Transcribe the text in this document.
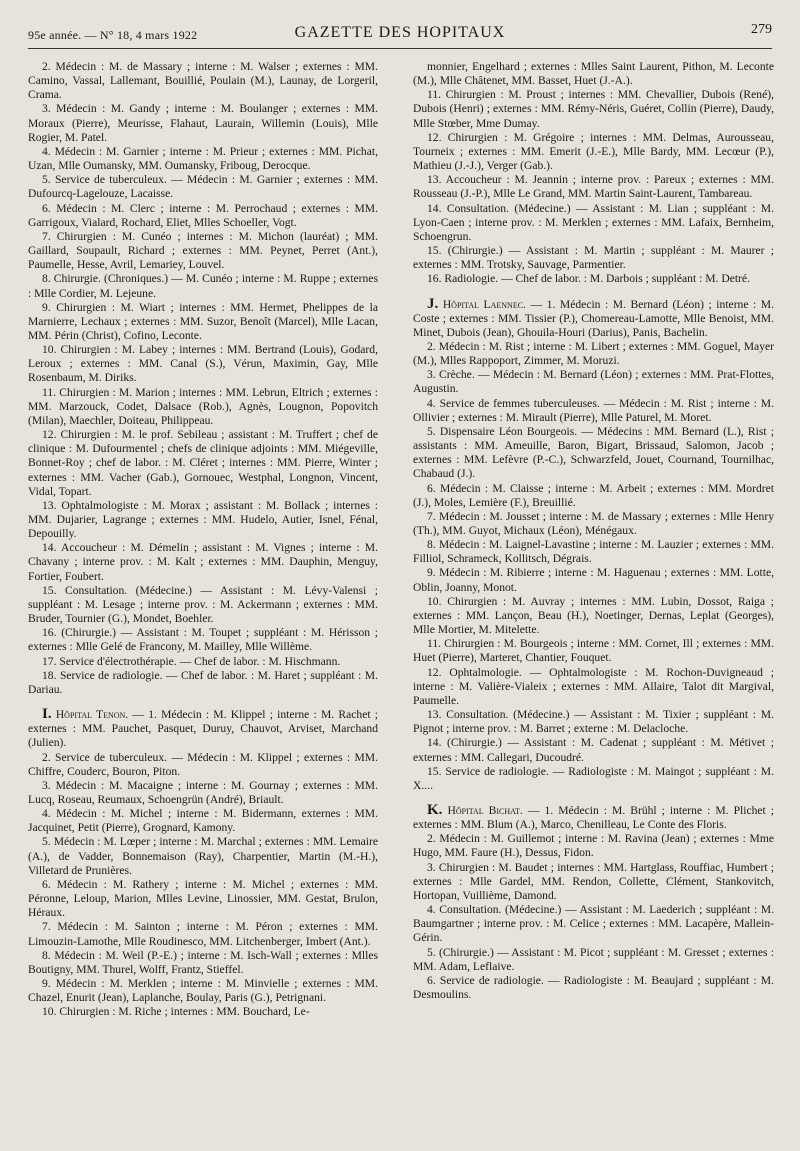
95e année. — N° 18, 4 mars 1922	GAZETTE DES HOPITAUX	279

2. Médecin : M. de Massary ; interne : M. Walser ; externes : MM. Camino, Vassal, Lallemant, Bouillié, Poulain (M.), Launay, de Lorgeril, Crama.

3. Médecin : M. Gandy ; interne : M. Boulanger ; externes : MM. Moraux (Pierre), Meurisse, Flahaut, Laurain, Willemin (Louis), Mlle Rogier, M. Patel.

4. Médecin : M. Garnier ; interne : M. Prieur ; externes : MM. Pichat, Uzan, Mlle Oumansky, MM. Oumansky, Friboug, Derocque.

5. Service de tuberculeux. — Médecin : M. Garnier ; externes : MM. Dufourcq-Lagelouze, Lacaisse.

6. Médecin : M. Clerc ; interne : M. Perrochaud ; externes : MM. Garrigoux, Vialard, Rochard, Eliet, Mlles Schoeller, Vogt.

7. Chirurgien : M. Cunéo ; internes : M. Michon (lauréat) ; MM. Gaillard, Soupault, Richard ; externes : MM. Peynet, Perret (Ant.), Paumelle, Hesse, Avril, Lemariey, Louvel.

8. Chirurgie. (Chroniques.) — M. Cunéo ; interne : M. Ruppe ; externes : Mlle Cordier, M. Lejeune.

9. Chirurgien : M. Wiart ; internes : MM. Hermet, Phelippes de la Marnierre, Lechaux ; externes : MM. Suzor, Benoît (Marcel), Mlle Lacan, MM. Périn (Christ), Cofino, Leconte.

10. Chirurgien : M. Labey ; internes : MM. Bertrand (Louis), Godard, Leroux ; externes : MM. Canal (S.), Vérun, Maximin, Gay, Mlle Rosenbaum, M. Diriks.

11. Chirurgien : M. Marion ; internes : MM. Lebrun, Eltrich ; externes : MM. Marzouck, Codet, Dalsace (Rob.), Agnès, Lougnon, Popovitch (Milan), Maechler, Doiteau, Philippeau.

12. Chirurgien : M. le prof. Sebileau ; assistant : M. Truffert ; chef de clinique : M. Dufourmentel ; chefs de clinique adjoints : MM. Miégeville, Bonnet-Roy ; chef de labor. : M. Cléret ; internes : MM. Pierre, Winter ; externes : MM. Vacher (Gab.), Gornouec, Westphal, Longnon, Vincent, Vidal, Topart.

13. Ophtalmologiste : M. Morax ; assistant : M. Bollack ; internes : MM. Dujarier, Lagrange ; externes : MM. Hudelo, Autier, Isnel, Fénal, Depouilly.

14. Accoucheur : M. Démelin ; assistant : M. Vignes ; interne : M. Chavany ; interne prov. : M. Kalt ; externes : MM. Dauphin, Menguy, Fortier, Foubert.

15. Consultation. (Médecine.) — Assistant : M. Lévy-Valensi ; suppléant : M. Lesage ; interne prov. : M. Ackermann ; externes : MM. Bruder, Tournier (G.), Mondet, Boehler.

16. (Chirurgie.) — Assistant : M. Toupet ; suppléant : M. Hérisson ; externes : Mlle Gelé de Francony, M. Mailley, Mlle Willème.

17. Service d'électrothérapie. — Chef de labor. : M. Hischmann.

18. Service de radiologie. — Chef de labor. : M. Haret ; suppléant : M. Dariau.

I. Hôpital Tenon. — 1. Médecin : M. Klippel ; interne : M. Rachet ; externes : MM. Pauchet, Pasquet, Duruy, Chauvot, Arviset, Marchand (Julien).

2. Service de tuberculeux. — Médecin : M. Klippel ; externes : MM. Chiffre, Couderc, Bouron, Piton.

3. Médecin : M. Macaigne ; interne : M. Gournay ; externes : MM. Lucq, Roseau, Reumaux, Schoengrün (André), Briault.

4. Médecin : M. Michel ; interne : M. Bidermann, externes : MM. Jacquinet, Petit (Pierre), Grognard, Kamony.

5. Médecin : M. Lœper ; interne : M. Marchal ; externes : MM. Lemaire (A.), de Vadder, Bonnemaison (Ray), Charpentier, Martin (M.-H.), Villetard de Prunières.

6. Médecin : M. Rathery ; interne : M. Michel ; externes : MM. Péronne, Leloup, Marion, Mlles Levine, Linossier, MM. Gestat, Brulon, Héraux.

7. Médecin : M. Sainton ; interne : M. Péron ; externes : MM. Limouzin-Lamothe, Mlle Roudinesco, MM. Litchenberger, Imbert (Ant.).

8. Médecin : M. Weil (P.-E.) ; interne : M. Isch-Wall ; externes : Mlles Boutigny, MM. Thurel, Wolff, Frantz, Stieffel.

9. Médecin : M. Merklen ; interne : M. Minvielle ; externes : MM. Chazel, Enurit (Jean), Laplanche, Boulay, Paris (G.), Petrignani.

10. Chirurgien : M. Riche ; internes : MM. Bouchard, Le-

monnier, Engelhard ; externes : Mlles Saint Laurent, Pithon, M. Leconte (M.), Mlle Châtenet, MM. Basset, Huet (J.-A.).

11. Chirurgien : M. Proust ; internes : MM. Chevallier, Dubois (René), Dubois (Henri) ; externes : MM. Rémy-Néris, Guéret, Collin (Pierre), Daudy, Mlle Stœber, Mme Dumay.

12. Chirurgien : M. Grégoire ; internes : MM. Delmas, Aurousseau, Tourneix ; externes : MM. Emerit (J.-E.), Mlle Bardy, MM. Lecœur (P.), Mathieu (J.-J.), Verger (Gab.).

13. Accoucheur : M. Jeannin ; interne prov. : Pareux ; externes : MM. Rousseau (J.-P.), Mlle Le Grand, MM. Martin Saint-Laurent, Tambareau.

14. Consultation. (Médecine.) — Assistant : M. Lian ; suppléant : M. Lyon-Caen ; interne prov. : M. Merklen ; externes : MM. Lafaix, Bernheim, Schoengrun.

15. (Chirurgie.) — Assistant : M. Martin ; suppléant : M. Maurer ; externes : MM. Trotsky, Sauvage, Parmentier.

16. Radiologie. — Chef de labor. : M. Darbois ; suppléant : M. Detré.

J. Hôpital Laennec. — 1. Médecin : M. Bernard (Léon) ; interne : M. Coste ; externes : MM. Tissier (P.), Chomereau-Lamotte, Mlle Benoist, MM. Minet, Dubois (Jean), Ghouila-Houri (Darius), Panis, Bachelin.

2. Médecin : M. Rist ; interne : M. Libert ; externes : MM. Goguel, Mayer (M.), Mlles Rappoport, Zimmer, M. Moruzi.

3. Crèche. — Médecin : M. Bernard (Léon) ; externes : MM. Prat-Flottes, Augustin.

4. Service de femmes tuberculeuses. — Médecin : M. Rist ; interne : M. Ollivier ; externes : M. Mirault (Pierre), Mlle Paturel, M. Moret.

5. Dispensaire Léon Bourgeois. — Médecins : MM. Bernard (L.), Rist ; assistants : MM. Ameuille, Baron, Bigart, Brissaud, Salomon, Jacob ; externes : MM. Lefèvre (P.-C.), Schwarzfeld, Jouet, Cournand, Tournilhac, Chabaud (J.).

6. Médecin : M. Claisse ; interne : M. Arbeit ; externes : MM. Mordret (J.), Moles, Lemière (F.), Breuillié.

7. Médecin : M. Jousset ; interne : M. de Massary ; externes : Mlle Henry (Th.), MM. Guyot, Michaux (Léon), Ménégaux.

8. Médecin : M. Laignel-Lavastine ; interne : M. Lauzier ; externes : MM. Filliol, Schrameck, Kollitsch, Dégrais.

9. Médecin : M. Ribierre ; interne : M. Haguenau ; externes : MM. Lotte, Oblin, Joanny, Monot.

10. Chirurgien : M. Auvray ; internes : MM. Lubin, Dossot, Raiga ; externes : MM. Lançon, Beau (H.), Noetinger, Dernas, Leplat (Georges), Mlle Mortier, M. Mitelette.

11. Chirurgien : M. Bourgeois ; interne : MM. Cornet, Ill ; externes : MM. Huet (Pierre), Marteret, Chantier, Fouquet.

12. Ophtalmologie. — Ophtalmologiste : M. Rochon-Duvigneaud ; interne : M. Valière-Vialeix ; externes : MM. Allaire, Talot dit Margival, Paumelle.

13. Consultation. (Médecine.) — Assistant : M. Tixier ; suppléant : M. Pignot ; interne prov. : M. Barret ; externe : M. Delacloche.

14. (Chirurgie.) — Assistant : M. Cadenat ; suppléant : M. Métivet ; externes : MM. Callegari, Ducoudré.

15. Service de radiologie. — Radiologiste : M. Maingot ; suppléant : M. X....

K. Hôpital Bichat. — 1. Médecin : M. Brühl ; interne : M. Plichet ; externes : MM. Blum (A.), Marco, Chenilleau, Le Conte des Floris.

2. Médecin : M. Guillemot ; interne : M. Ravina (Jean) ; externes : Mme Hugo, MM. Faure (H.), Dessus, Fidon.

3. Chirurgien : M. Baudet ; internes : MM. Hartglass, Rouffiac, Humbert ; externes : Mlle Gardel, MM. Rendon, Collette, Clément, Stankovitch, Hortopan, Vuillième, Damond.

4. Consultation. (Médecine.) — Assistant : M. Laederich ; suppléant : M. Baumgartner ; interne prov. : M. Celice ; externes : MM. Lacapère, Mallein-Gérin.

5. (Chirurgie.) — Assistant : M. Picot ; suppléant : M. Gresset ; externes : MM. Adam, Leflaive.

6. Service de radiologie. — Radiologiste : M. Beaujard ; suppléant : M. Desmoulins.
